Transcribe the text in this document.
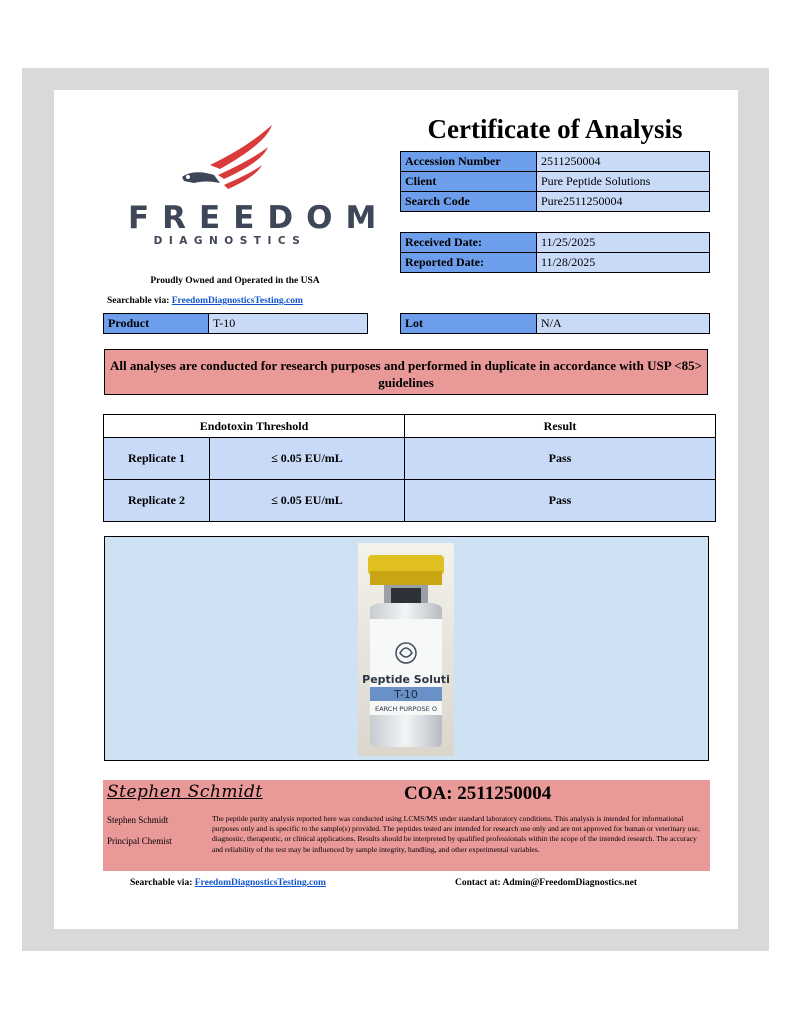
FREEDOM
DIAGNOSTICS
Proudly Owned and Operated in the USA
Searchable via: FreedomDiagnosticsTesting.com
Certificate of Analysis
Accession Number	2511250004
Client	Pure Peptide Solutions
Search Code	Pure2511250004
Received Date:	11/25/2025
Reported Date:	11/28/2025
Product	T-10	Lot	N/A
All analyses are conducted for research purposes and performed in duplicate in accordance with USP <85> guidelines
Endotoxin Threshold		Result
Replicate 1	≤ 0.05 EU/mL	Pass
Replicate 2	≤ 0.05 EU/mL	Pass
Peptide Soluti
T-10
EARCH PURPOSE O
Stephen Schmidt	COA: 2511250004
Stephen Schmidt
Principal Chemist
The peptide purity analysis reported here was conducted using LCMS/MS under standard laboratory conditions. This analysis is intended for informational purposes only and is specific to the sample(s) provided. The peptides tested are intended for research use only and are not approved for human or veterinary use, diagnostic, therapeutic, or clinical applications. Results should be interpreted by qualified professionals within the scope of the intended research. The accuracy and reliability of the test may be influenced by sample integrity, handling, and other experimental variables.
Searchable via: FreedomDiagnosticsTesting.com	Contact at: Admin@FreedomDiagnostics.net
